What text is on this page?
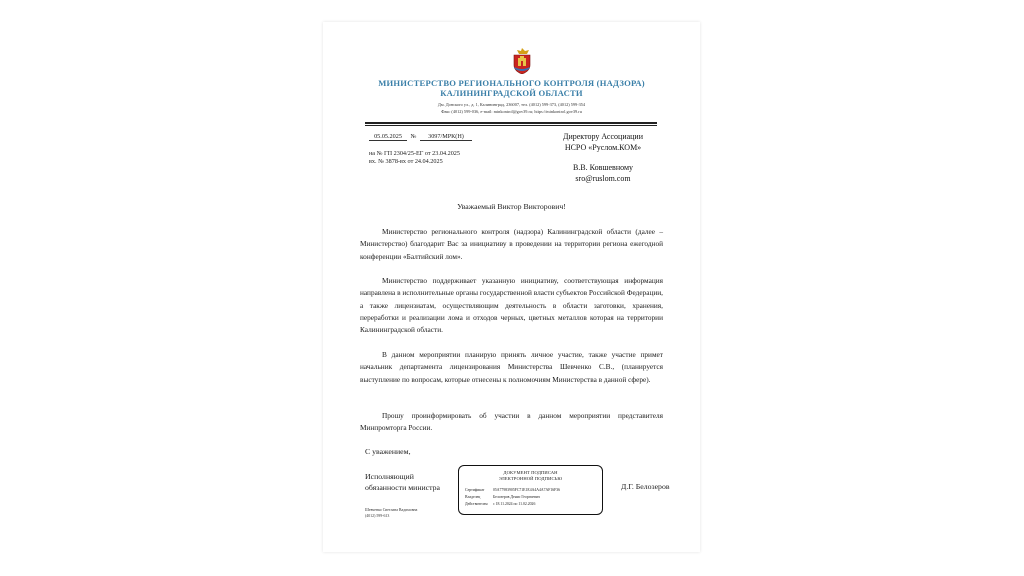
МИНИСТЕРСТВО РЕГИОНАЛЬНОГО КОНТРОЛЯ (НАДЗОРА)
КАЛИНИНГРАДСКОЙ ОБЛАСТИ
Дм. Донского ул., д. 1, Калининград, 236007, тел. (4012) 599-373, (4012) 599-354
Факс (4012) 599-036, e-mail: minkontrol@gov39.ru; https://minkontrol.gov39.ru
05.05.2025 № 3097/МРК(Н)
на № ГП 2304/25-ЕГ от 23.04.2025
вх. № 3878-вх от 24.04.2025
Директору Ассоциации
НСРО «Руслом.КОМ»
В.В. Ковшевному
sro@ruslom.com
Уважаемый Виктор Викторович!
Министерство регионального контроля (надзора) Калининградской области (далее – Министерство) благодарит Вас за инициативу в проведении на территории региона ежегодной конференции «Балтийский лом».
Министерство поддерживает указанную инициативу, соответствующая информация направлена в исполнительные органы государственной власти субъектов Российской Федерации, а также лицензиатам, осуществляющим деятельность в области заготовки, хранения, переработки и реализации лома и отходов черных, цветных металлов которая на территории Калининградской области.
В данном мероприятии планирую принять личное участие, также участие примет начальник департамента лицензирования Министерства Шевченко С.В., (планируется выступление по вопросам, которые отнесены к полномочиям Министерства в данной сфере).
Прошу проинформировать об участии в данном мероприятии представителя Минпромторга России.
С уважением,
Исполняющий
обязанности министра	Д.Г. Белозеров
ДОКУМЕНТ ПОДПИСАН
ЭЛЕКТРОННОЙ ПОДПИСЬЮ
Сертификат 05A77983905FC71E1E4A4A4A7AF16F36
Владелец	Белозеров Денис Георгиевич
Действителен с 18.11.2024 по 11.02.2026
Шевченко Светлана Вадимовна
(4012) 599-613
